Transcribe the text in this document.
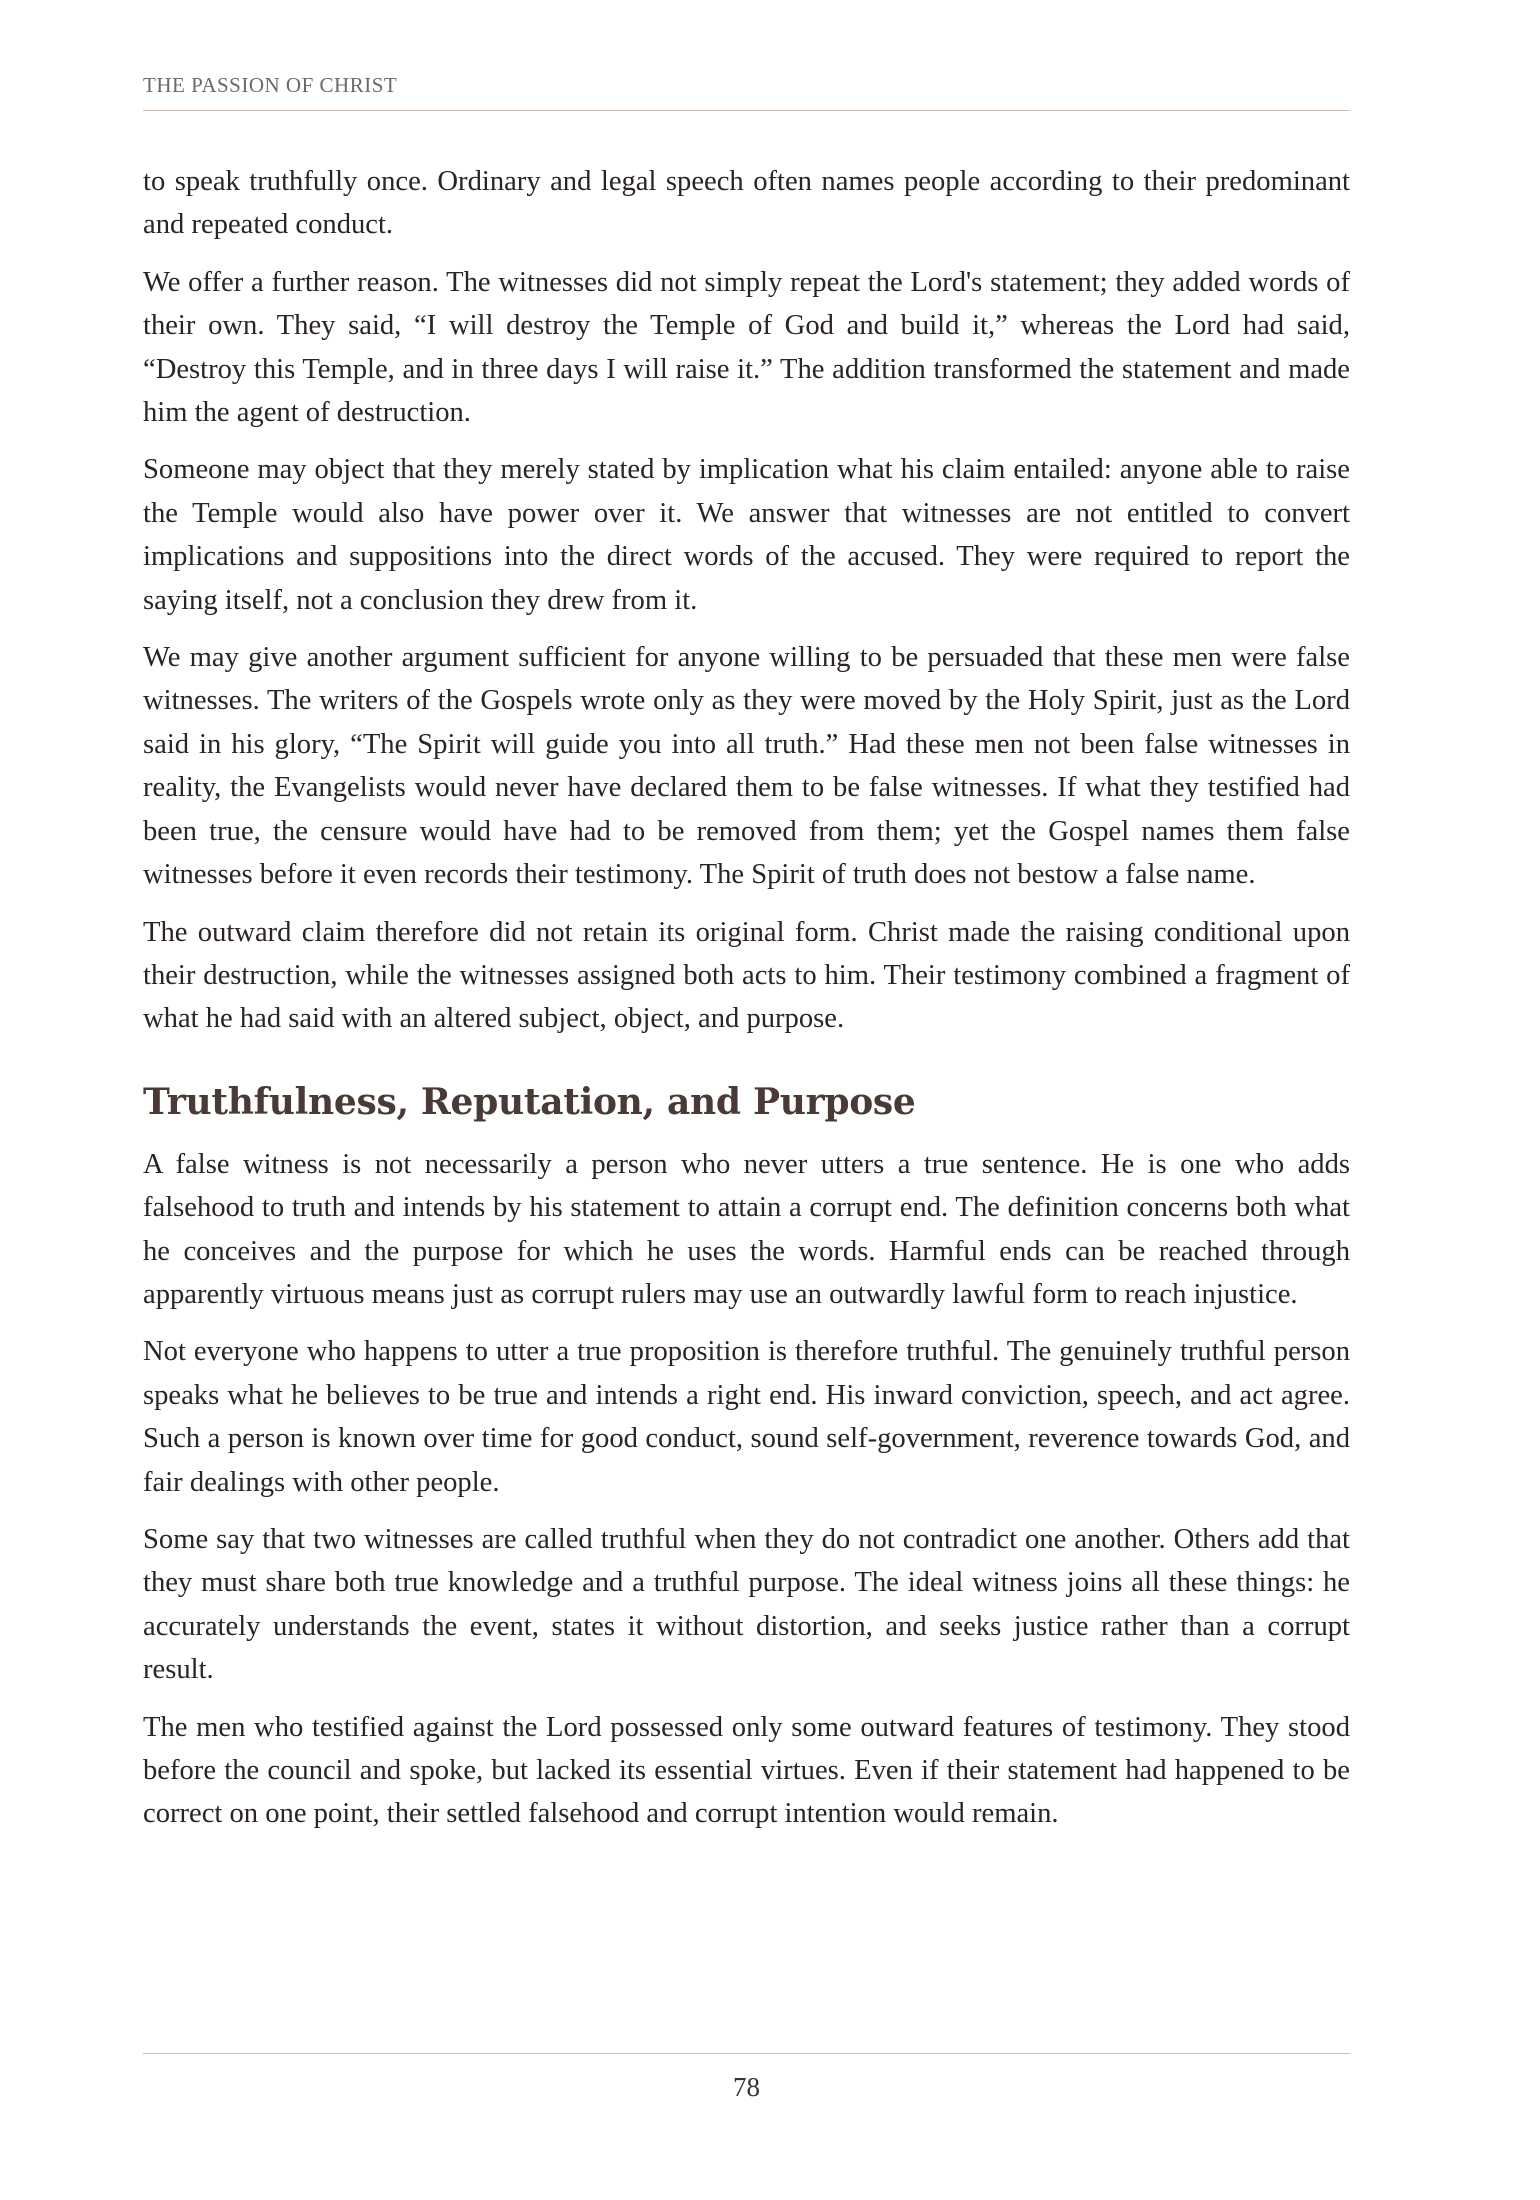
THE PASSION OF CHRIST

to speak truthfully once. Ordinary and legal speech often names people according to their predominant and repeated conduct.

We offer a further reason. The witnesses did not simply repeat the Lord's statement; they added words of their own. They said, “I will destroy the Temple of God and build it,” whereas the Lord had said, “Destroy this Temple, and in three days I will raise it.” The addition transformed the statement and made him the agent of destruction.

Someone may object that they merely stated by implication what his claim entailed: anyone able to raise the Temple would also have power over it. We answer that witnesses are not entitled to convert implications and suppositions into the direct words of the accused. They were required to report the saying itself, not a conclusion they drew from it.

We may give another argument sufficient for anyone willing to be persuaded that these men were false witnesses. The writers of the Gospels wrote only as they were moved by the Holy Spirit, just as the Lord said in his glory, “The Spirit will guide you into all truth.” Had these men not been false witnesses in reality, the Evangelists would never have declared them to be false witnesses. If what they testified had been true, the censure would have had to be removed from them; yet the Gospel names them false witnesses before it even records their testimony. The Spirit of truth does not bestow a false name.

The outward claim therefore did not retain its original form. Christ made the raising conditional upon their destruction, while the witnesses assigned both acts to him. Their testimony combined a fragment of what he had said with an altered subject, object, and purpose.

Truthfulness, Reputation, and Purpose

A false witness is not necessarily a person who never utters a true sentence. He is one who adds falsehood to truth and intends by his statement to attain a corrupt end. The definition concerns both what he conceives and the purpose for which he uses the words. Harmful ends can be reached through apparently virtuous means just as corrupt rulers may use an outwardly lawful form to reach injustice.

Not everyone who happens to utter a true proposition is therefore truthful. The genuinely truthful person speaks what he believes to be true and intends a right end. His inward conviction, speech, and act agree. Such a person is known over time for good conduct, sound self-government, reverence towards God, and fair dealings with other people.

Some say that two witnesses are called truthful when they do not contradict one another. Others add that they must share both true knowledge and a truthful purpose. The ideal witness joins all these things: he accurately understands the event, states it without distortion, and seeks justice rather than a corrupt result.

The men who testified against the Lord possessed only some outward features of testimony. They stood before the council and spoke, but lacked its essential virtues. Even if their statement had happened to be correct on one point, their settled falsehood and corrupt intention would remain.

78
